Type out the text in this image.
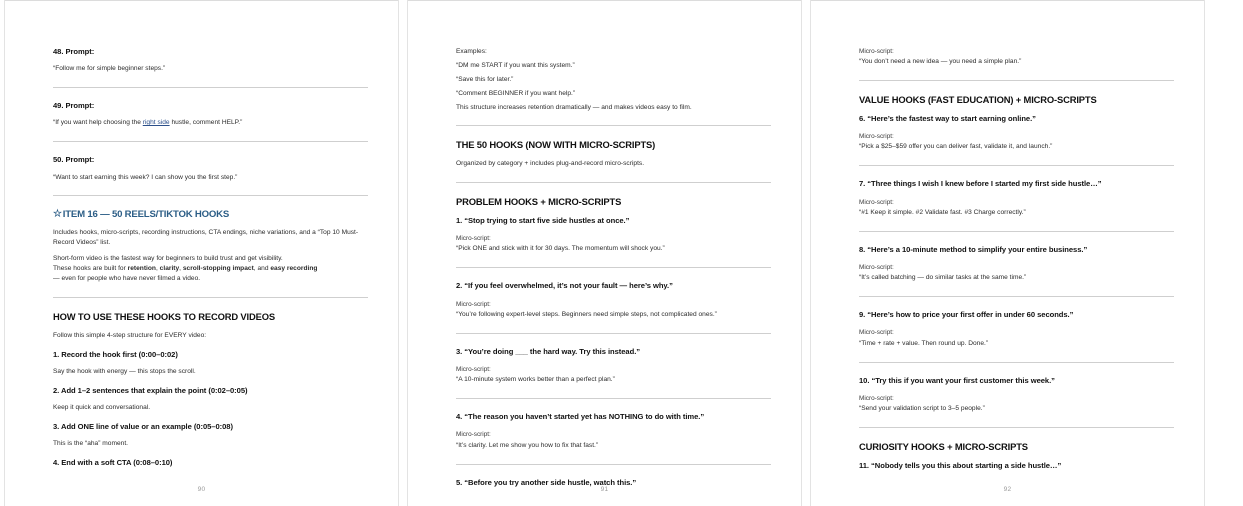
48. Prompt:
“Follow me for simple beginner steps.”
49. Prompt:
“If you want help choosing the right side hustle, comment HELP.”
50. Prompt:
“Want to start earning this week? I can show you the first step.”
☆ ITEM 16 — 50 REELS/TIKTOK HOOKS
Includes hooks, micro-scripts, recording instructions, CTA endings, niche variations, and a “Top 10 Must-Record Videos” list.
Short-form video is the fastest way for beginners to build trust and get visibility.
These hooks are built for retention, clarity, scroll-stopping impact, and easy recording
— even for people who have never filmed a video.
HOW TO USE THESE HOOKS TO RECORD VIDEOS
Follow this simple 4-step structure for EVERY video:
1. Record the hook first (0:00–0:02)
Say the hook with energy — this stops the scroll.
2. Add 1–2 sentences that explain the point (0:02–0:05)
Keep it quick and conversational.
3. Add ONE line of value or an example (0:05–0:08)
This is the “aha” moment.
4. End with a soft CTA (0:08–0:10)
90
Examples:
“DM me START if you want this system.”
“Save this for later.”
“Comment BEGINNER if you want help.”
This structure increases retention dramatically — and makes videos easy to film.
THE 50 HOOKS (NOW WITH MICRO-SCRIPTS)
Organized by category + includes plug-and-record micro-scripts.
PROBLEM HOOKS + MICRO-SCRIPTS
1. “Stop trying to start five side hustles at once.”
Micro-script:
“Pick ONE and stick with it for 30 days. The momentum will shock you.”
2. “If you feel overwhelmed, it’s not your fault — here’s why.”
Micro-script:
“You’re following expert-level steps. Beginners need simple steps, not complicated ones.”
3. “You’re doing ___ the hard way. Try this instead.”
Micro-script:
“A 10-minute system works better than a perfect plan.”
4. “The reason you haven’t started yet has NOTHING to do with time.”
Micro-script:
“It’s clarity. Let me show you how to fix that fast.”
5. “Before you try another side hustle, watch this.”
91
Micro-script:
“You don’t need a new idea — you need a simple plan.”
VALUE HOOKS (FAST EDUCATION) + MICRO-SCRIPTS
6. “Here’s the fastest way to start earning online.”
Micro-script:
“Pick a $25–$59 offer you can deliver fast, validate it, and launch.”
7. “Three things I wish I knew before I started my first side hustle…”
Micro-script:
“#1 Keep it simple. #2 Validate fast. #3 Charge correctly.”
8. “Here’s a 10-minute method to simplify your entire business.”
Micro-script:
“It’s called batching — do similar tasks at the same time.”
9. “Here’s how to price your first offer in under 60 seconds.”
Micro-script:
“Time + rate + value. Then round up. Done.”
10. “Try this if you want your first customer this week.”
Micro-script:
“Send your validation script to 3–5 people.”
CURIOSITY HOOKS + MICRO-SCRIPTS
11. “Nobody tells you this about starting a side hustle…”
92
